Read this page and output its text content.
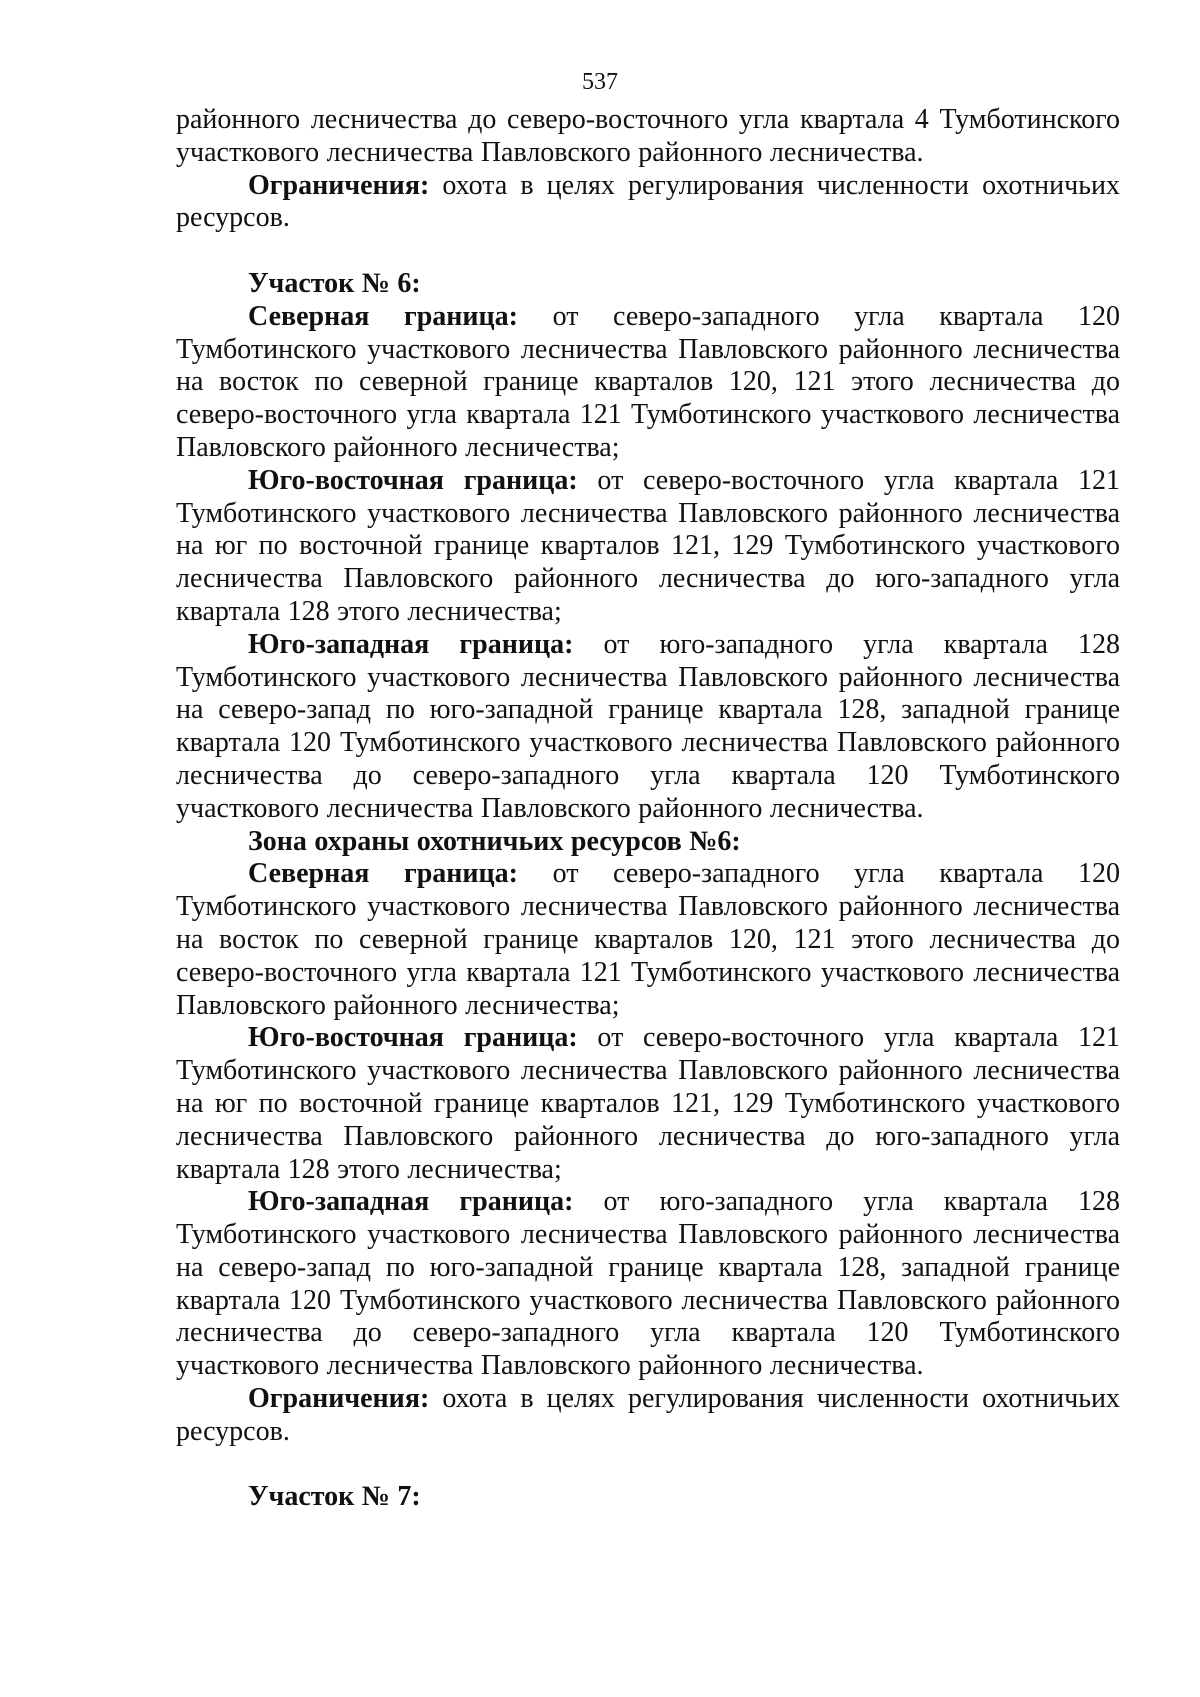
537

районного лесничества до северо-восточного угла квартала 4 Тумботинского участкового лесничества Павловского районного лесничества.

Ограничения: охота в целях регулирования численности охотничьих ресурсов.

Участок № 6:

Северная граница: от северо-западного угла квартала 120 Тумботинского участкового лесничества Павловского районного лесничества на восток по северной границе кварталов 120, 121 этого лесничества до северо-восточного угла квартала 121 Тумботинского участкового лесничества Павловского районного лесничества;

Юго-восточная граница: от северо-восточного угла квартала 121 Тумботинского участкового лесничества Павловского районного лесничества на юг по восточной границе кварталов 121, 129 Тумботинского участкового лесничества Павловского районного лесничества до юго-западного угла квартала 128 этого лесничества;

Юго-западная граница: от юго-западного угла квартала 128 Тумботинского участкового лесничества Павловского районного лесничества на северо-запад по юго-западной границе квартала 128, западной границе квартала 120 Тумботинского участкового лесничества Павловского районного лесничества до северо-западного угла квартала 120 Тумботинского участкового лесничества Павловского районного лесничества.

Зона охраны охотничьих ресурсов №6:

Северная граница: от северо-западного угла квартала 120 Тумботинского участкового лесничества Павловского районного лесничества на восток по северной границе кварталов 120, 121 этого лесничества до северо-восточного угла квартала 121 Тумботинского участкового лесничества Павловского районного лесничества;

Юго-восточная граница: от северо-восточного угла квартала 121 Тумботинского участкового лесничества Павловского районного лесничества на юг по восточной границе кварталов 121, 129 Тумботинского участкового лесничества Павловского районного лесничества до юго-западного угла квартала 128 этого лесничества;

Юго-западная граница: от юго-западного угла квартала 128 Тумботинского участкового лесничества Павловского районного лесничества на северо-запад по юго-западной границе квартала 128, западной границе квартала 120 Тумботинского участкового лесничества Павловского районного лесничества до северо-западного угла квартала 120 Тумботинского участкового лесничества Павловского районного лесничества.

Ограничения: охота в целях регулирования численности охотничьих ресурсов.

Участок № 7:
